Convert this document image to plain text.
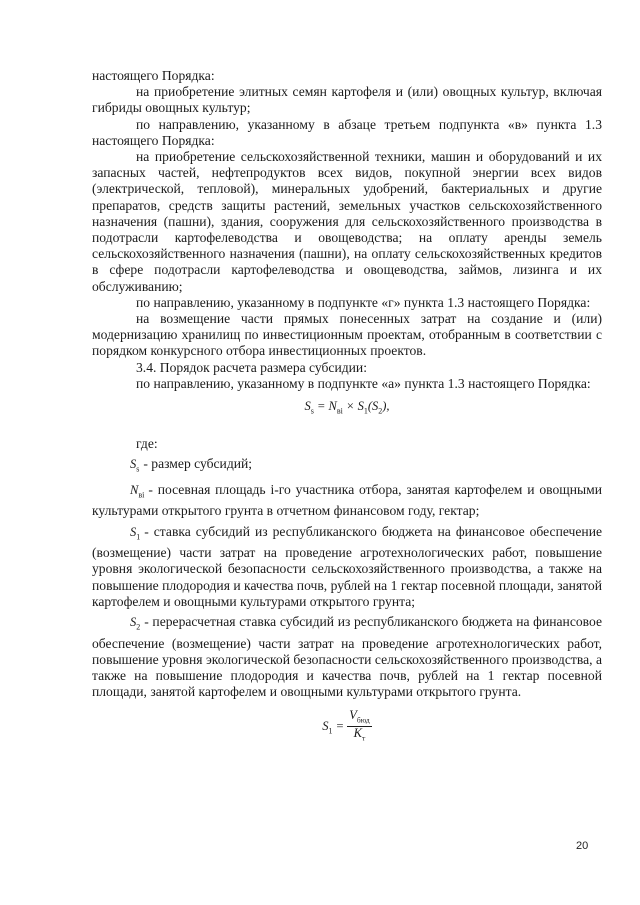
настоящего Порядка:

на приобретение элитных семян картофеля и (или) овощных культур, включая гибриды овощных культур;

по направлению, указанному в абзаце третьем подпункта «в» пункта 1.3 настоящего Порядка:

на приобретение сельскохозяйственной техники, машин и оборудований и их запасных частей, нефтепродуктов всех видов, покупной энергии всех видов (электрической, тепловой), минеральных удобрений, бактериальных и другие препаратов, средств защиты растений, земельных участков сельскохозяйственного назначения (пашни), здания, сооружения для сельскохозяйственного производства в подотрасли картофелеводства и овощеводства; на оплату аренды земель сельскохозяйственного назначения (пашни), на оплату сельскохозяйственных кредитов в сфере подотрасли картофелеводства и овощеводства, займов, лизинга и их обслуживанию;

по направлению, указанному в подпункте «г» пункта 1.3 настоящего Порядка:

на возмещение части прямых понесенных затрат на создание и (или) модернизацию хранилищ по инвестиционным проектам, отобранным в соответствии с порядком конкурсного отбора инвестиционных проектов.

3.4. Порядок расчета размера субсидии:

по направлению, указанному в подпункте «а» пункта 1.3 настоящего Порядка:

$S_s = N_{вi} \times S_1(S_2)$,

где:

$S_s$ - размер субсидий;

$N_{вi}$ - посевная площадь i-го участника отбора, занятая картофелем и овощными культурами открытого грунта в отчетном финансовом году, гектар;

$S_1$ - ставка субсидий из республиканского бюджета на финансовое обеспечение (возмещение) части затрат на проведение агротехнологических работ, повышение уровня экологической безопасности сельскохозяйственного производства, а также на повышение плодородия и качества почв, рублей на 1 гектар посевной площади, занятой картофелем и овощными культурами открытого грунта;

$S_2$ - перерасчетная ставка субсидий из республиканского бюджета на финансовое обеспечение (возмещение) части затрат на проведение агротехнологических работ, повышение уровня экологической безопасности сельскохозяйственного производства, а также на повышение плодородия и качества почв, рублей на 1 гектар посевной площади, занятой картофелем и овощными культурами открытого грунта.

$S_1 = \frac{V_{бюд}}{K_т}$
20
